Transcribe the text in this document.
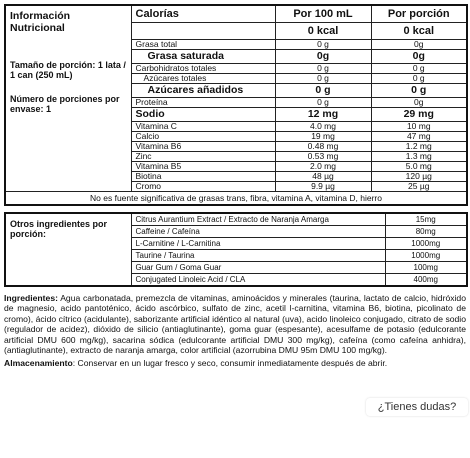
Información Nutricional
Tamaño de porción: 1 lata / 1 can (250 mL)
Número de porciones por envase: 1	Calorías	Por 100 mL	Por porción
		0 kcal	0 kcal
	Grasa total	0 g	0g
	Grasa saturada	0g	0g
	Carbohidratos totales	0 g	0 g
	Azúcares totales	0 g	0 g
	Azúcares añadidos	0 g	0 g
	Proteína	0 g	0g
	Sodio	12 mg	29 mg
	Vitamina C	4.0 mg	10 mg
	Calcio	19 mg	47 mg
	Vitamina B6	0.48 mg	1.2 mg
	Zinc	0.53 mg	1.3 mg
	Vitamina B5	2.0 mg	5.0 mg
	Biotina	48 µg	120 µg
	Cromo	9.9 µg	25 µg
No es fuente significativa de grasas trans, fibra, vitamina A, vitamina D, hierro			
Otros ingredientes por porción:	Citrus Aurantium Extract / Extracto de Naranja Amarga	15mg
	Caffeine / Cafeína	80mg
	L-Carnitine / L-Carnitina	1000mg
	Taurine / Taurina	1000mg
	Guar Gum / Goma Guar	100mg
	Conjugated Linoleic Acid / CLA	400mg
Ingredientes: Agua carbonatada, premezcla de vitaminas, aminoácidos y minerales (taurina, lactato de calcio, hidróxido de magnesio, acido pantoténico, ácido ascórbico, sulfato de zinc, acetil l-carnitina, vitamina B6, biotina, picolinato de cromo), ácido cítrico (acidulante), saborizante artificial idéntico al natural (uva), acido linoleico conjugado, citrato de sodio (regulador de acidez), dióxido de silicio (antiaglutinante), goma guar (espesante), acesulfame de potasio (edulcorante artificial DMU 600 mg/kg), sacarina sódica (edulcorante artificial DMU 300 mg/kg), cafeína (como cafeína anhidra), (antiaglutinante), extracto de naranja amarga, color artificial (azorrubina DMU 95m DMU 100 mg/kg).
Almacenamiento: Conservar en un lugar fresco y seco, consumir inmediatamente después de abrir.
¿Tienes dudas?
